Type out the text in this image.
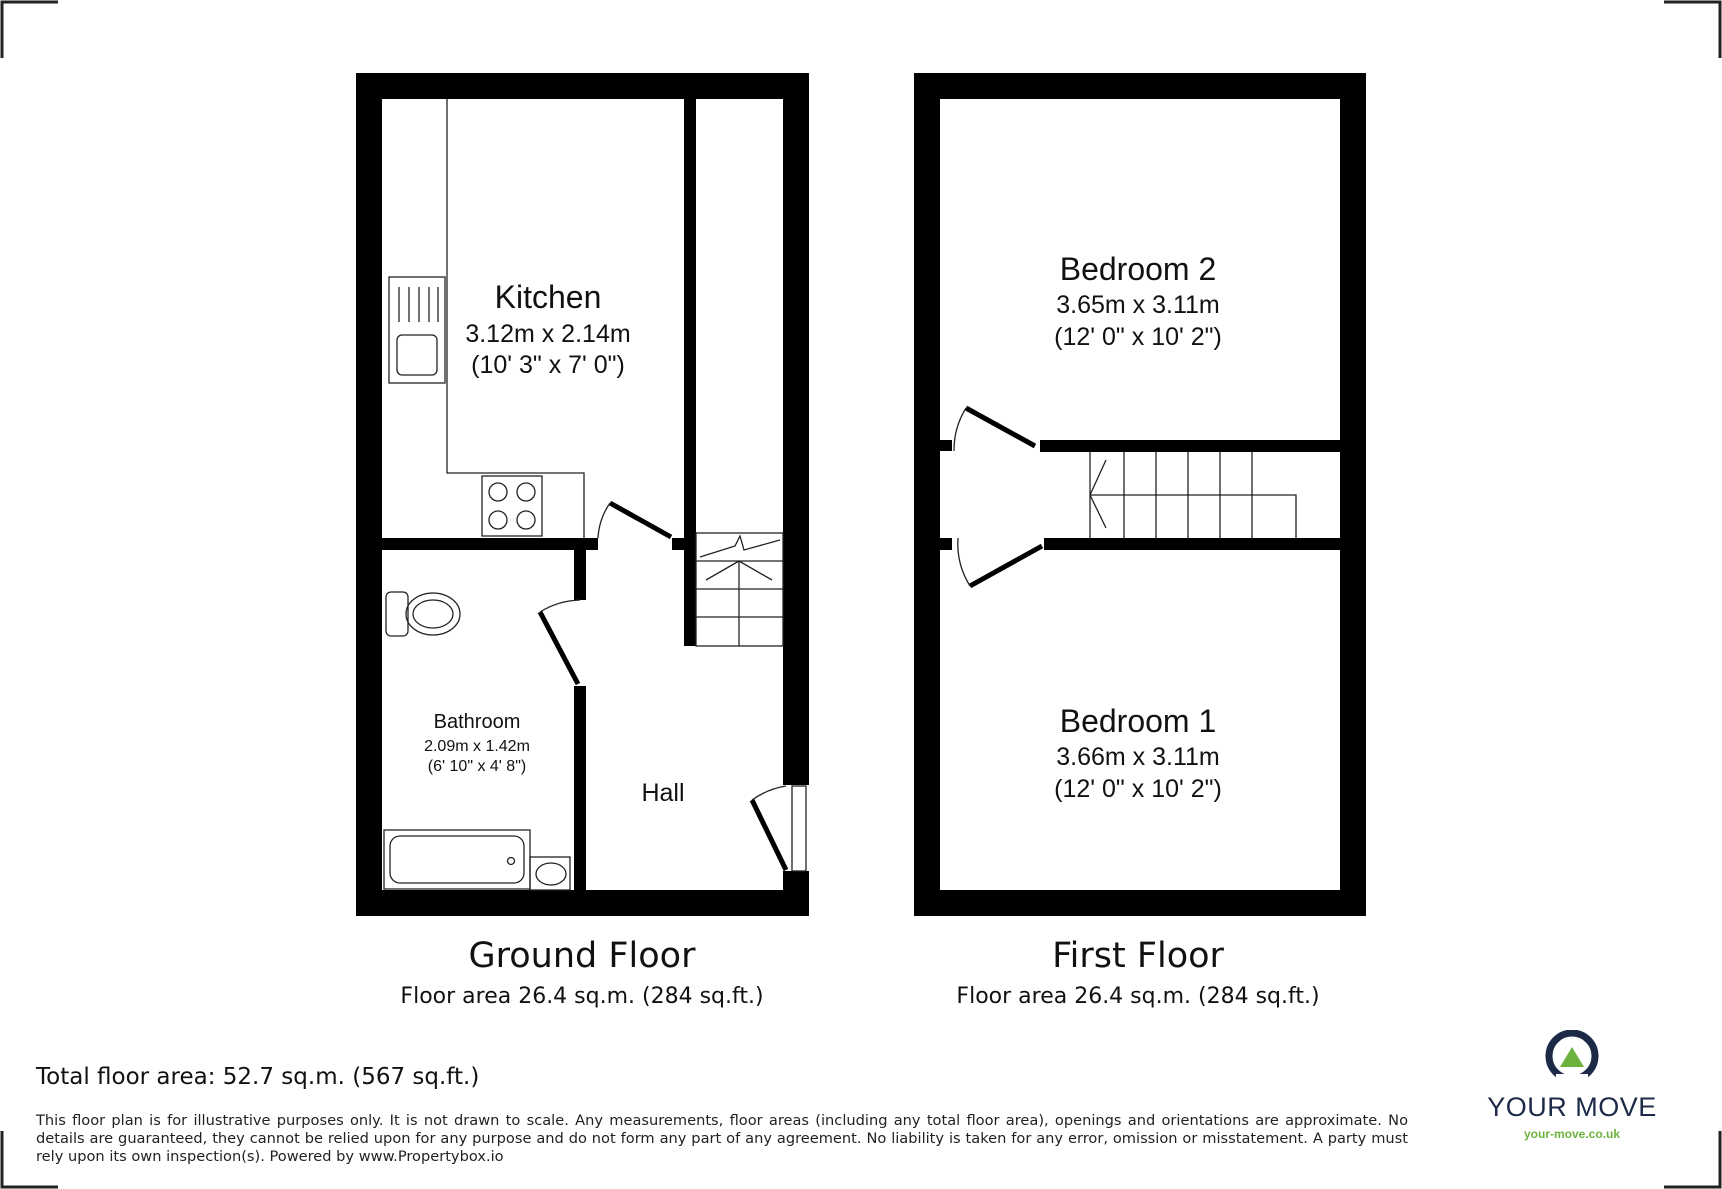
Kitchen
3.12m x 2.14m
(10' 3" x 7' 0")
Bathroom
2.09m x 1.42m
(6' 10" x 4' 8")
Hall
Bedroom 2
3.65m x 3.11m
(12' 0" x 10' 2")
Bedroom 1
3.66m x 3.11m
(12' 0" x 10' 2")

Ground Floor

Floor area 26.4 sq.m. (284 sq.ft.)

First Floor

Floor area 26.4 sq.m. (284 sq.ft.)

Total floor area: 52.7 sq.m. (567 sq.ft.)

This floor plan is for illustrative purposes only. It is not drawn to scale. Any measurements, floor areas (including any total floor area), openings and orientations are approximate. No details are guaranteed, they cannot be relied upon for any purpose and do not form any part of any agreement. No liability is taken for any error, omission or misstatement. A party must rely upon its own inspection(s). Powered by www.Propertybox.io

YOUR MOVE
your-move.co.uk
